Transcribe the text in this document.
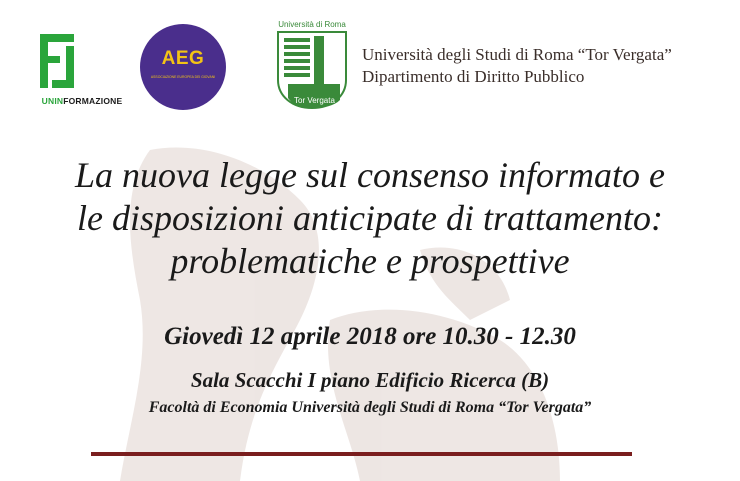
UNINFORMAZIONE
AEG
ASSOCIAZIONE EUROPEA DEI GIOVANI
Università di Roma
Tor Vergata
Università degli Studi di Roma “Tor Vergata”
Dipartimento di Diritto Pubblico
La nuova legge sul consenso informato e
le disposizioni anticipate di trattamento:
problematiche e prospettive
Giovedì 12 aprile 2018 ore 10.30 - 12.30
Sala Scacchi I piano Edificio Ricerca (B)
Facoltà di Economia Università degli Studi di Roma “Tor Vergata”
